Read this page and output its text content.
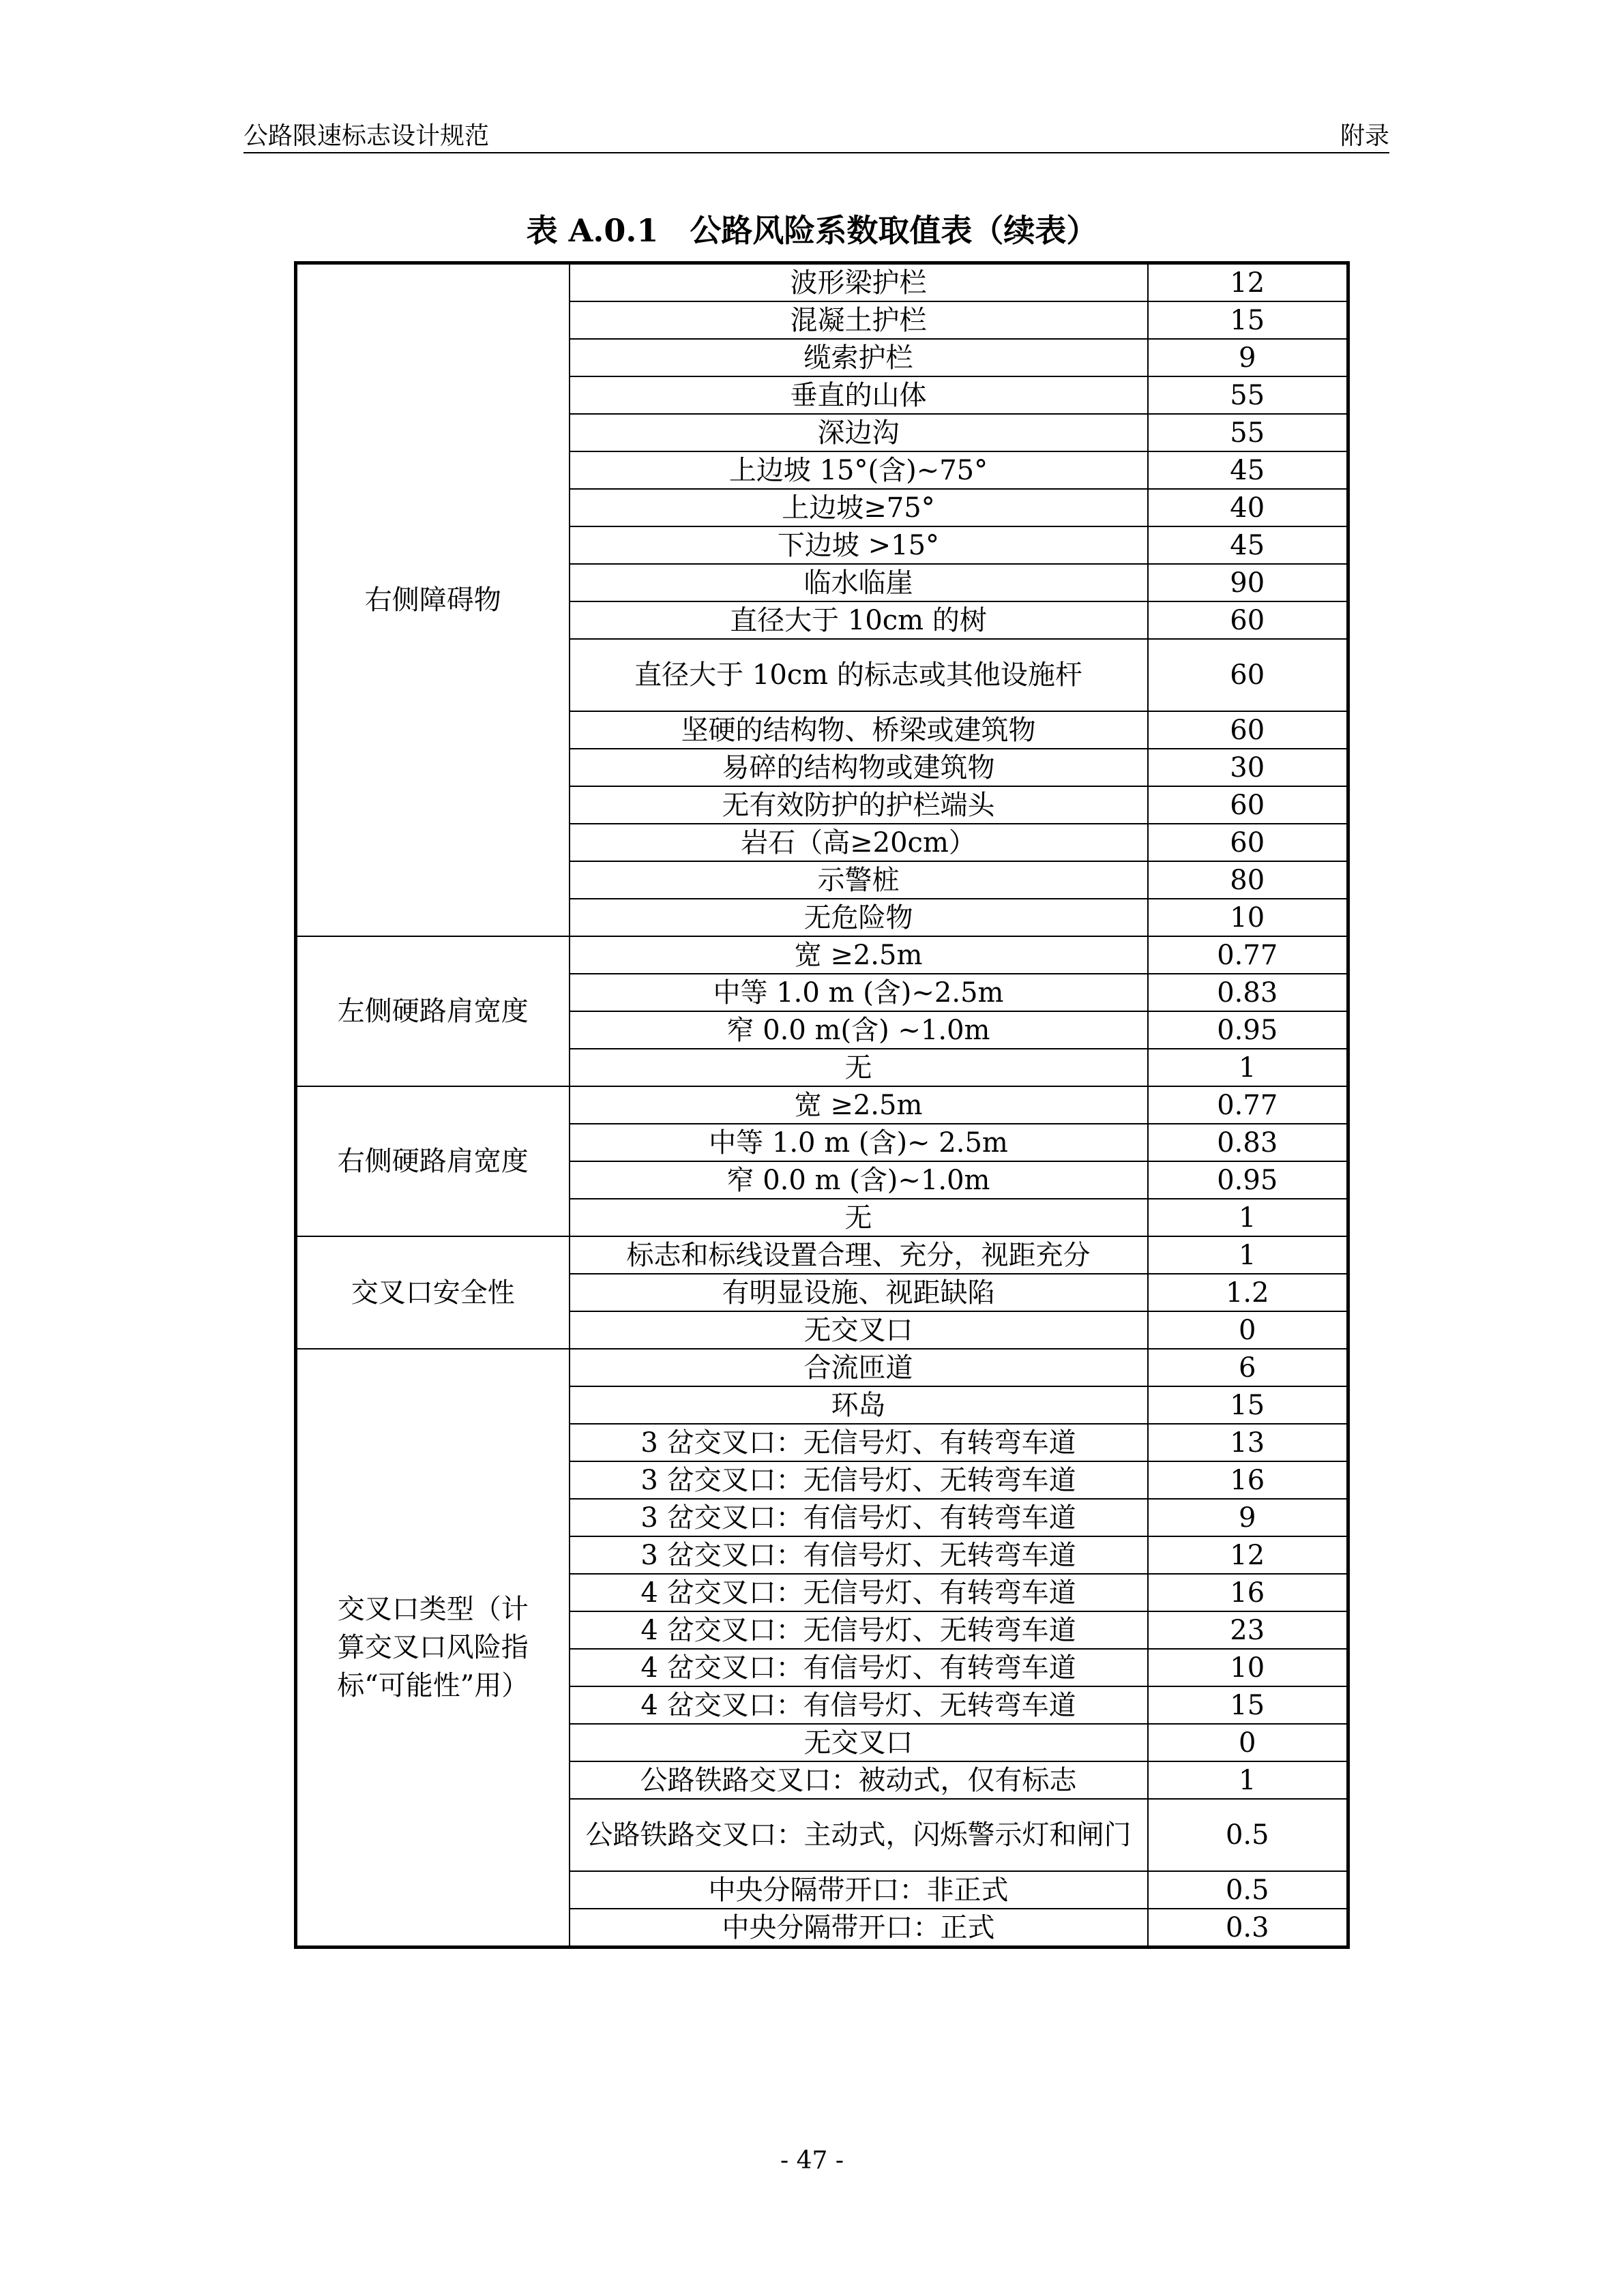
公路限速标志设计规范	附录
表 A.0.1　公路风险系数取值表（续表）
右侧障碍物	波形梁护栏	12
	混凝土护栏	15
	缆索护栏	9
	垂直的山体	55
	深边沟	55
	上边坡 15°(含)~75°	45
	上边坡≥75°	40
	下边坡 >15°	45
	临水临崖	90
	直径大于 10cm 的树	60
	直径大于 10cm 的标志或其他设施杆	60
	坚硬的结构物、桥梁或建筑物	60
	易碎的结构物或建筑物	30
	无有效防护的护栏端头	60
	岩石（高≥20cm）	60
	示警桩	80
	无危险物	10
左侧硬路肩宽度	宽 ≥2.5m	0.77
	中等 1.0 m (含)~2.5m	0.83
	窄 0.0 m(含) ~1.0m	0.95
	无	1
右侧硬路肩宽度	宽 ≥2.5m	0.77
	中等 1.0 m (含)~ 2.5m	0.83
	窄 0.0 m (含)~1.0m	0.95
	无	1
交叉口安全性	标志和标线设置合理、充分，视距充分	1
	有明显设施、视距缺陷	1.2
	无交叉口	0
交叉口类型（计算交叉口风险指标“可能性”用）	合流匝道	6
	环岛	15
	3 岔交叉口：无信号灯、有转弯车道	13
	3 岔交叉口：无信号灯、无转弯车道	16
	3 岔交叉口：有信号灯、有转弯车道	9
	3 岔交叉口：有信号灯、无转弯车道	12
	4 岔交叉口：无信号灯、有转弯车道	16
	4 岔交叉口：无信号灯、无转弯车道	23
	4 岔交叉口：有信号灯、有转弯车道	10
	4 岔交叉口：有信号灯、无转弯车道	15
	无交叉口	0
	公路铁路交叉口：被动式，仅有标志	1
	公路铁路交叉口：主动式，闪烁警示灯和闸门	0.5
	中央分隔带开口：非正式	0.5
	中央分隔带开口：正式	0.3
- 47 -
